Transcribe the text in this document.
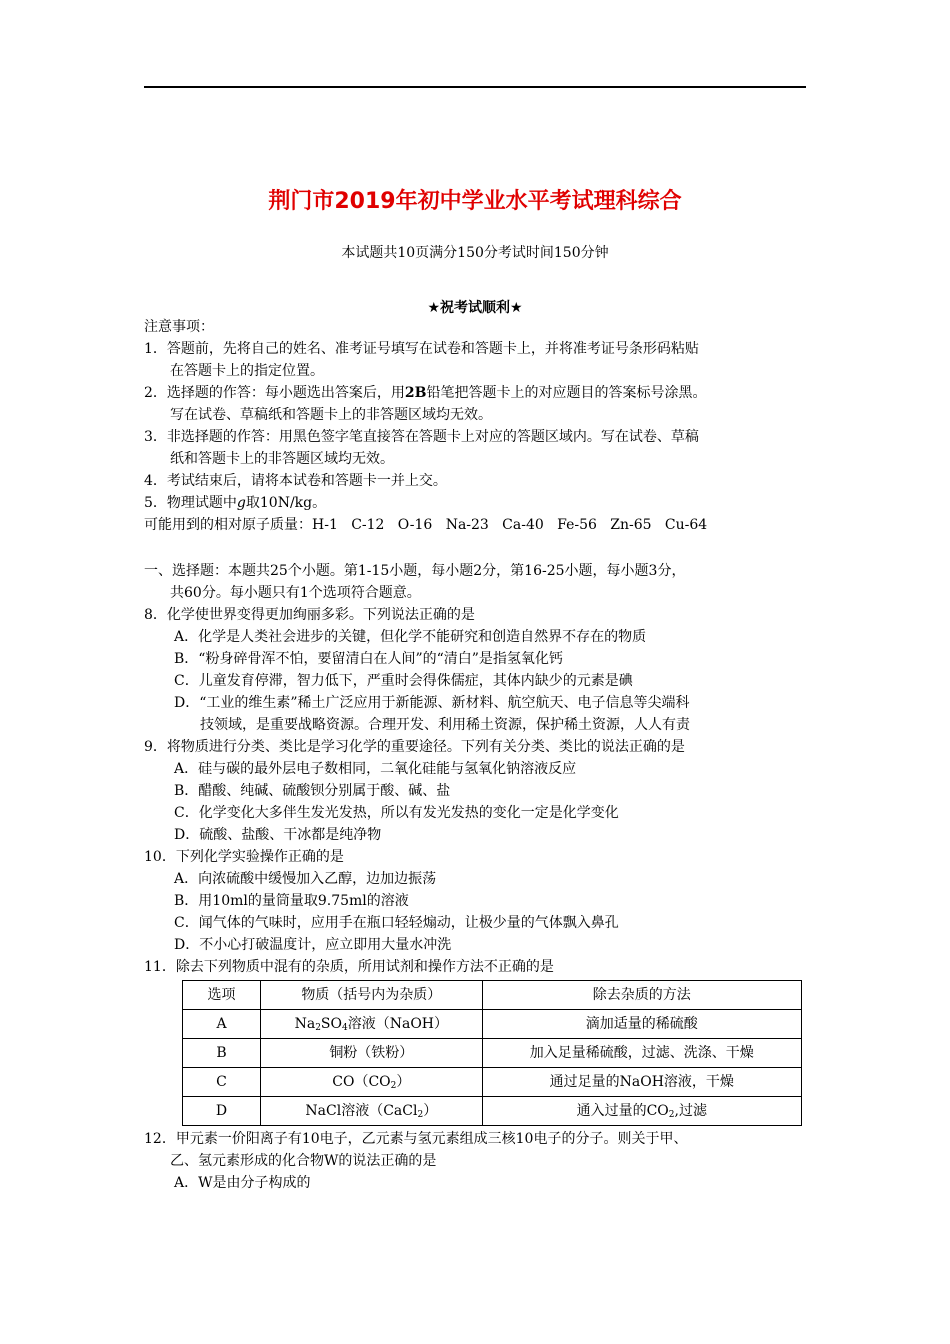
荆门市2019年初中学业水平考试理科综合
本试题共10页满分150分考试时间150分钟
★祝考试顺利★
注意事项：
1．答题前，先将自己的姓名、准考证号填写在试卷和答题卡上，并将准考证号条形码粘贴
在答题卡上的指定位置。
2．选择题的作答：每小题选出答案后，用2B铅笔把答题卡上的对应题目的答案标号涂黑。
写在试卷、草稿纸和答题卡上的非答题区域均无效。
3．非选择题的作答：用黑色签字笔直接答在答题卡上对应的答题区域内。写在试卷、草稿
纸和答题卡上的非答题区域均无效。
4．考试结束后，请将本试卷和答题卡一并上交。
5．物理试题中g取10N/kg。
可能用到的相对原子质量：H-1   C-12   O-16   Na-23   Ca-40   Fe-56   Zn-65   Cu-64
一、选择题：本题共25个小题。第1-15小题，每小题2分，第16-25小题，每小题3分，
共60分。每小题只有1个选项符合题意。
8．化学使世界变得更加绚丽多彩。下列说法正确的是
A．化学是人类社会进步的关键，但化学不能研究和创造自然界不存在的物质
B．“粉身碎骨浑不怕，要留清白在人间”的“清白”是指氢氧化钙
C．儿童发育停滞，智力低下，严重时会得侏儒症，其体内缺少的元素是碘
D．“工业的维生素”稀土广泛应用于新能源、新材料、航空航天、电子信息等尖端科
技领域，是重要战略资源。合理开发、利用稀土资源，保护稀土资源，人人有责
9．将物质进行分类、类比是学习化学的重要途径。下列有关分类、类比的说法正确的是
A．硅与碳的最外层电子数相同，二氧化硅能与氢氧化钠溶液反应
B．醋酸、纯碱、硫酸钡分别属于酸、碱、盐
C．化学变化大多伴生发光发热，所以有发光发热的变化一定是化学变化
D．硫酸、盐酸、干冰都是纯净物
10．下列化学实验操作正确的是
A．向浓硫酸中缓慢加入乙醇，边加边振荡
B．用10ml的量筒量取9.75ml的溶液
C．闻气体的气味时，应用手在瓶口轻轻煽动，让极少量的气体飘入鼻孔
D．不小心打破温度计，应立即用大量水冲洗
11．除去下列物质中混有的杂质，所用试剂和操作方法不正确的是
选项	物质（括号内为杂质）	除去杂质的方法
A	$Na_2SO_4$溶液（NaOH）	滴加适量的稀硫酸
B	铜粉（铁粉）	加入足量稀硫酸，过滤、洗涤、干燥
C	$CO(CO_2)$	通过足量的NaOH溶液，干燥
D	NaCl溶液（CaCl$_2$）	通入过量的$CO_2$,过滤
12．甲元素一价阳离子有10电子，乙元素与氢元素组成三核10电子的分子。则关于甲、
乙、氢元素形成的化合物W的说法正确的是
A．W是由分子构成的
